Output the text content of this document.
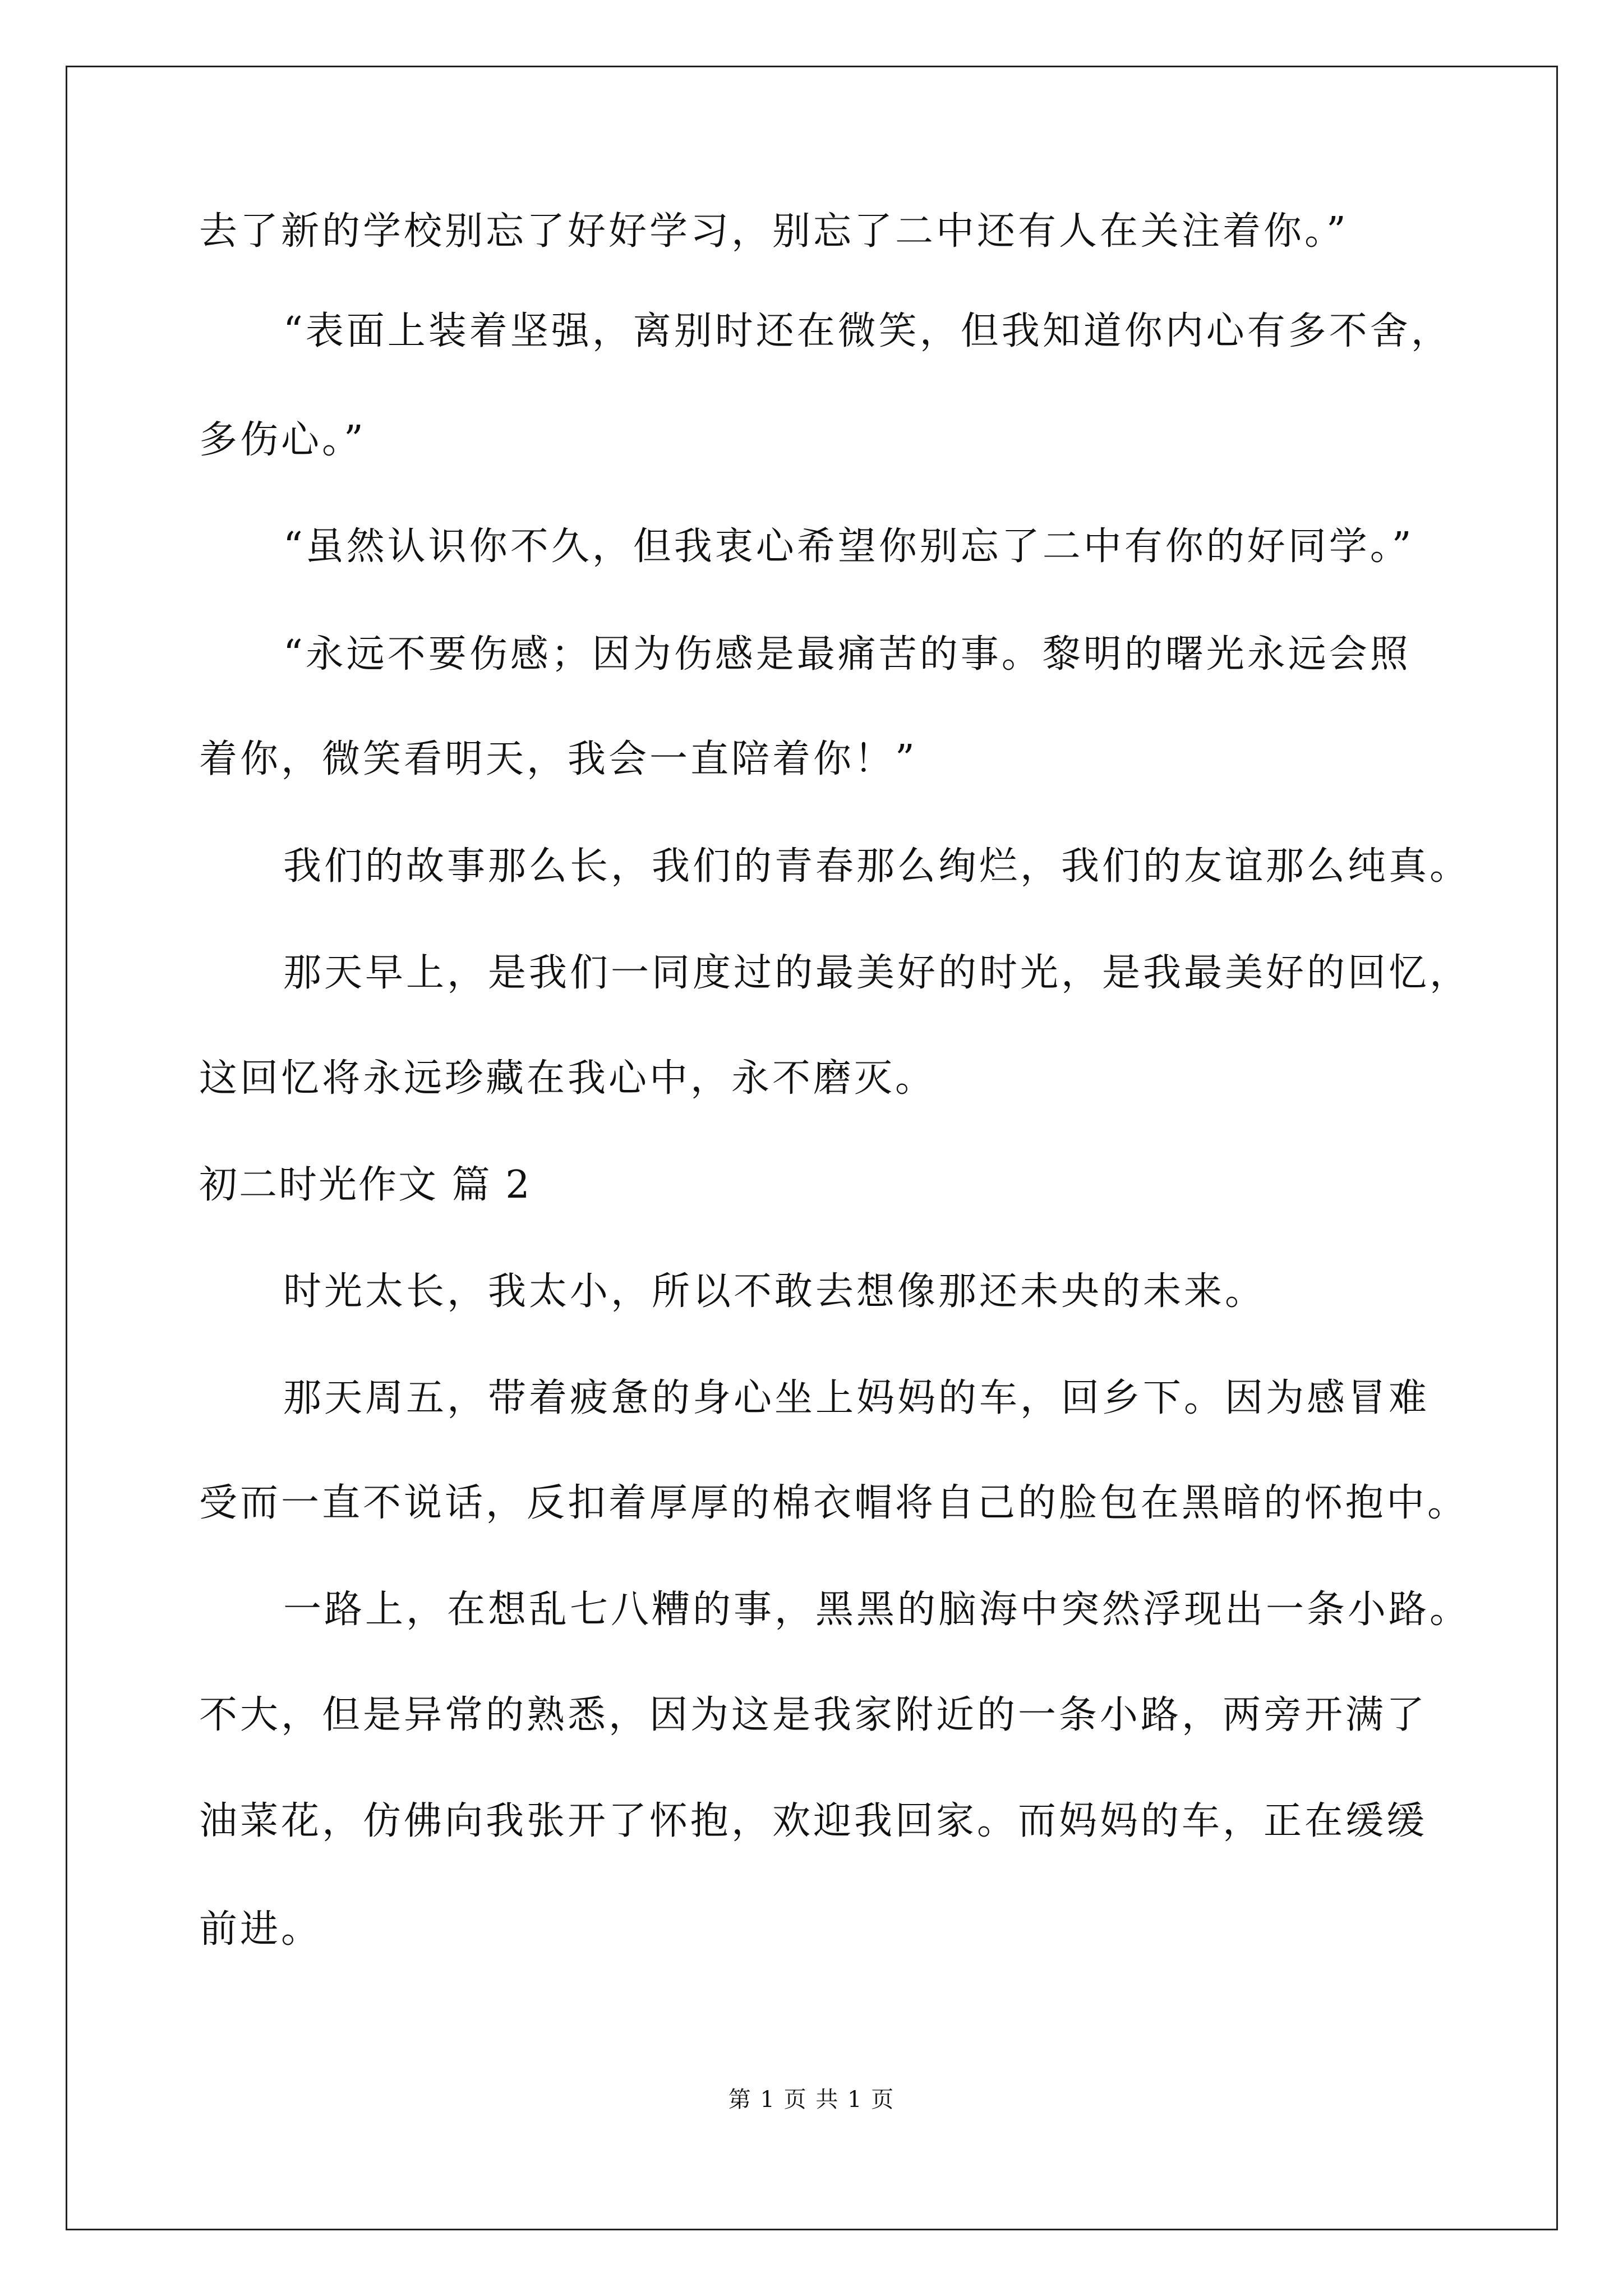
去了新的学校别忘了好好学习，别忘了二中还有人在关注着你。”

“表面上装着坚强，离别时还在微笑，但我知道你内心有多不舍，

多伤心。”

“虽然认识你不久，但我衷心希望你别忘了二中有你的好同学。”

“永远不要伤感；因为伤感是最痛苦的事。黎明的曙光永远会照

着你，微笑看明天，我会一直陪着你！”

我们的故事那么长，我们的青春那么绚烂，我们的友谊那么纯真。

那天早上，是我们一同度过的最美好的时光，是我最美好的回忆，

这回忆将永远珍藏在我心中，永不磨灭。

初二时光作文 篇 2

时光太长，我太小，所以不敢去想像那还未央的未来。

那天周五，带着疲惫的身心坐上妈妈的车，回乡下。因为感冒难

受而一直不说话，反扣着厚厚的棉衣帽将自己的脸包在黑暗的怀抱中。

一路上，在想乱七八糟的事，黑黑的脑海中突然浮现出一条小路。

不大，但是异常的熟悉，因为这是我家附近的一条小路，两旁开满了

油菜花，仿佛向我张开了怀抱，欢迎我回家。而妈妈的车，正在缓缓

前进。

第 1 页 共 1 页
